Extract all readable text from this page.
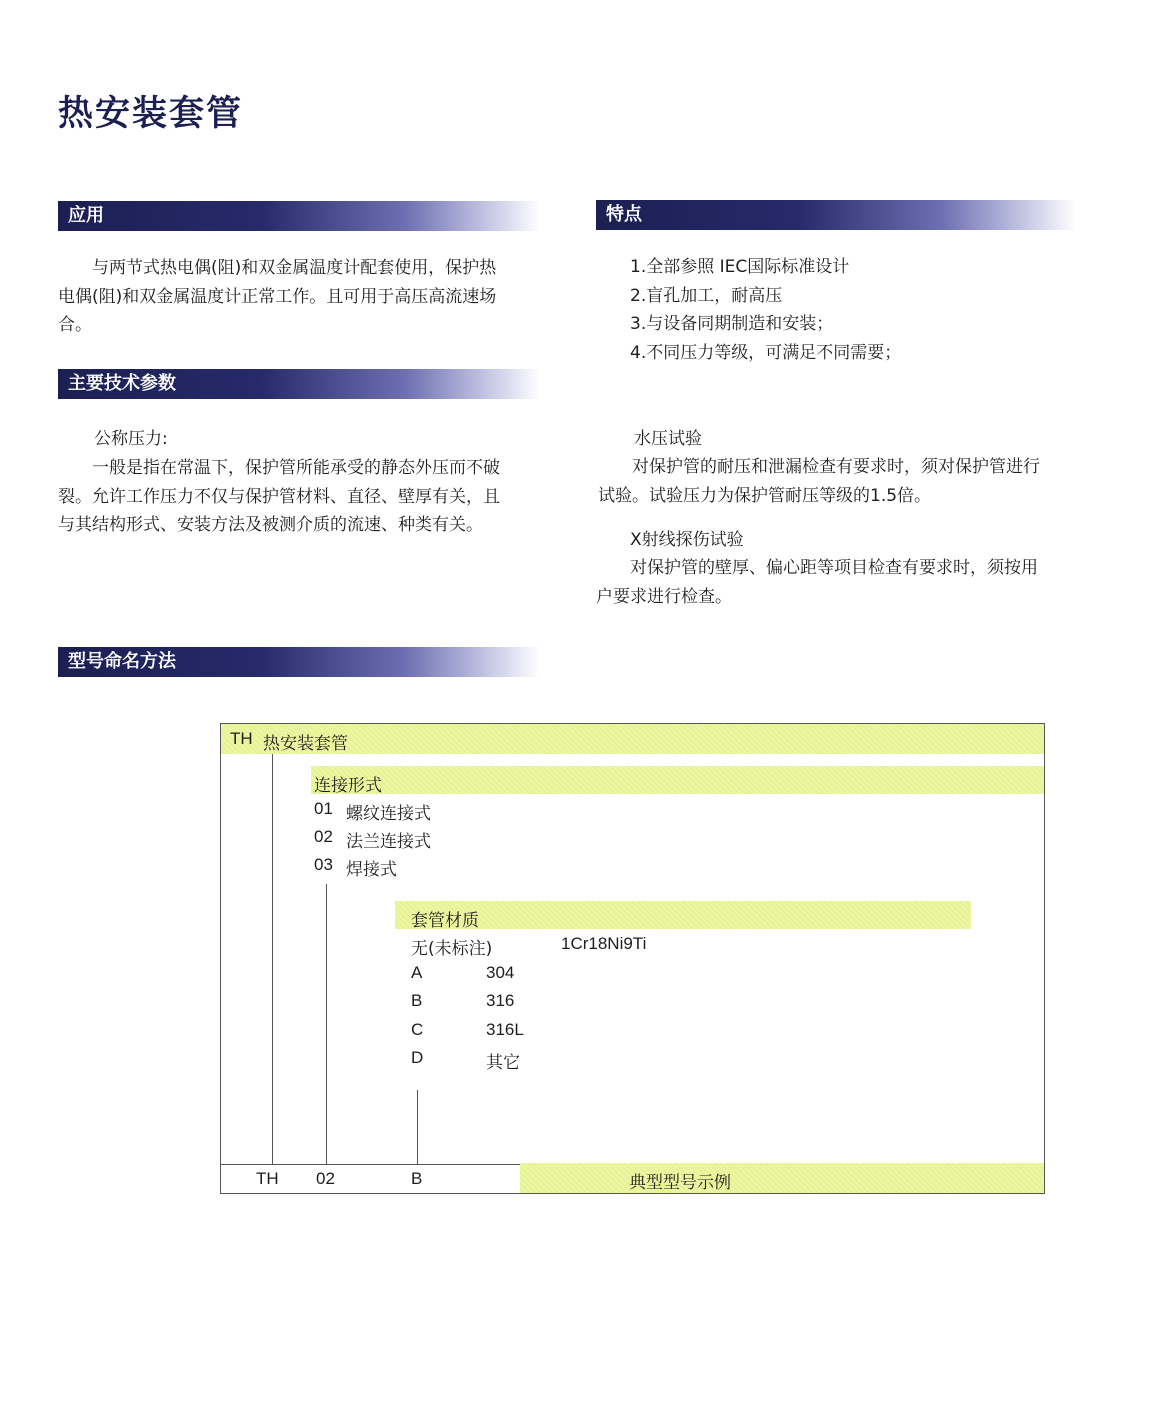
热安装套管
应用
　　与两节式热电偶(阻)和双金属温度计配套使用，保护热
电偶(阻)和双金属温度计正常工作。且可用于高压高流速场
合。
特点
1.全部参照 IEC国际标准设计
2.盲孔加工，耐高压
3.与设备同期制造和安装；
4.不同压力等级，可满足不同需要；
主要技术参数
公称压力:
　　一般是指在常温下，保护管所能承受的静态外压而不破
裂。允许工作压力不仅与保护管材料、直径、壁厚有关，且
与其结构形式、安装方法及被测介质的流速、种类有关。
水压试验
　　对保护管的耐压和泄漏检查有要求时，须对保护管进行
试验。试验压力为保护管耐压等级的1.5倍。
X射线探伤试验
　　对保护管的壁厚、偏心距等项目检查有要求时，须按用
户要求进行检查。
型号命名方法
TH 热安装套管
连接形式
01 螺纹连接式
02 法兰连接式
03 焊接式
套管材质
无(未标注)	1Cr18Ni9Ti
A	304
B	316
C	316L
D	其它
TH 02	B	典型型号示例
